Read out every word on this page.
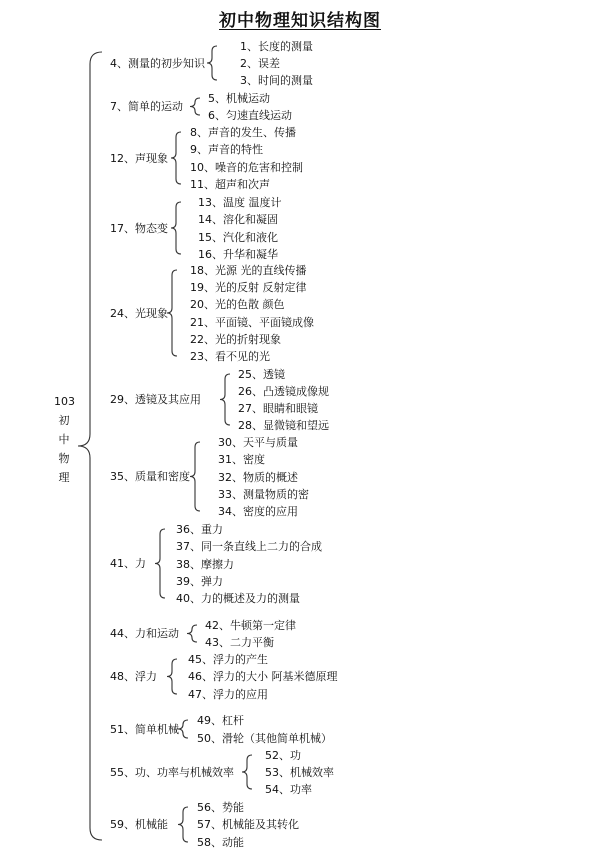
初中物理知识结构图
103
初
中
物
理
4、测量的初步知识
1、长度的测量
2、误差
3、时间的测量
7、简单的运动
5、机械运动
6、匀速直线运动
12、声现象
8、声音的发生、传播
9、声音的特性
10、噪音的危害和控制
11、超声和次声
17、物态变
13、温度 温度计
14、溶化和凝固
15、汽化和液化
16、升华和凝华
24、光现象
18、光源 光的直线传播
19、光的反射 反射定律
20、光的色散 颜色
21、平面镜、平面镜成像
22、光的折射现象
23、看不见的光
29、透镜及其应用
25、透镜
26、凸透镜成像规
27、眼睛和眼镜
28、显微镜和望远
35、质量和密度
30、天平与质量
31、密度
32、物质的概述
33、测量物质的密
34、密度的应用
41、力
36、重力
37、同一条直线上二力的合成
38、摩擦力
39、弹力
40、力的概述及力的测量
44、力和运动
42、牛顿第一定律
43、二力平衡
48、浮力
45、浮力的产生
46、浮力的大小 阿基米德原理
47、浮力的应用
51、简单机械
49、杠杆
50、滑轮（其他简单机械）
55、功、功率与机械效率
52、功
53、机械效率
54、功率
59、机械能
56、势能
57、机械能及其转化
58、动能
